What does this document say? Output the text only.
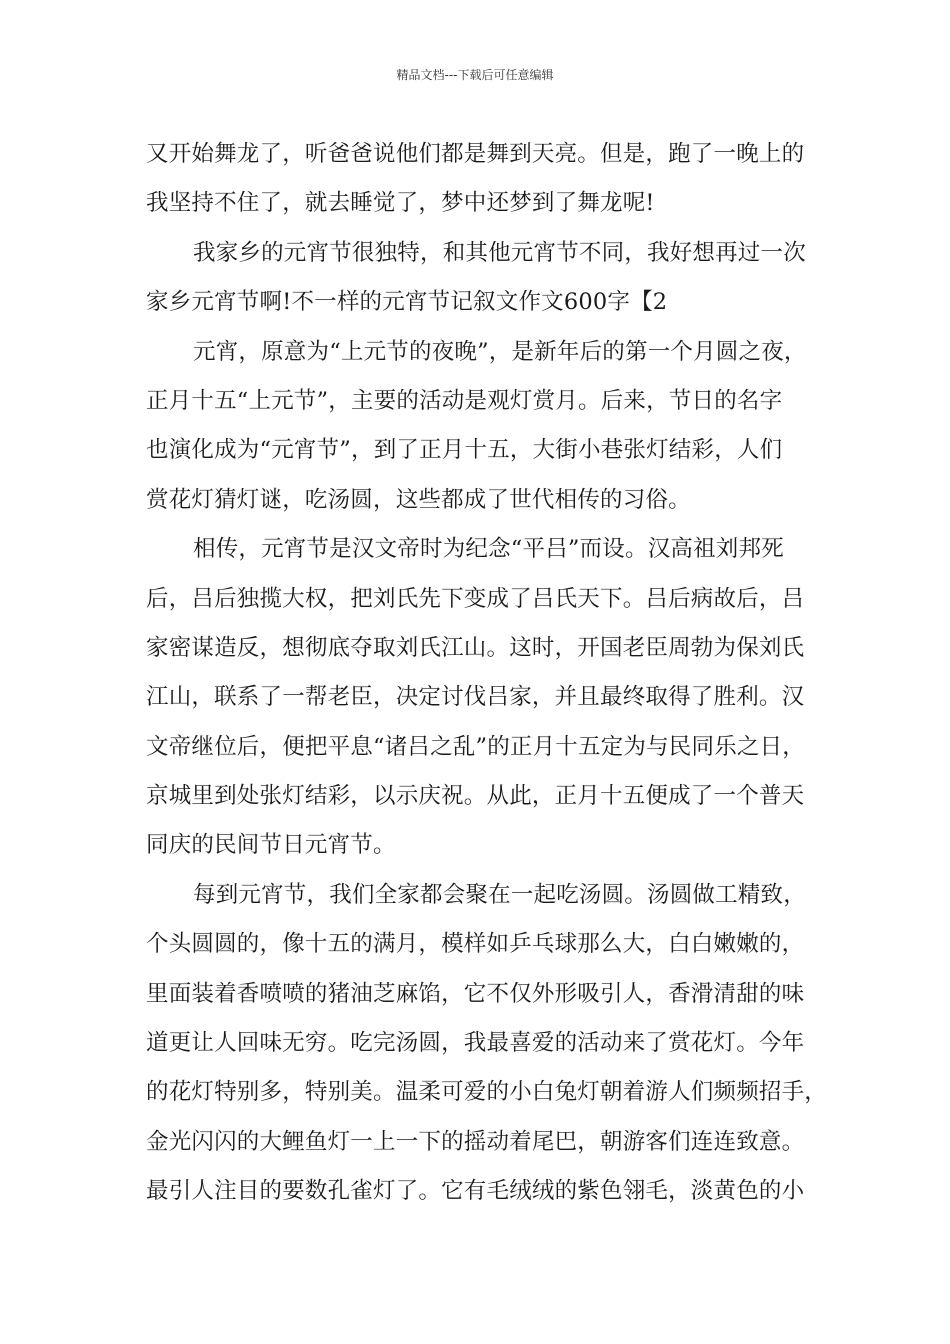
精品文档---下载后可任意编辑
又开始舞龙了，听爸爸说他们都是舞到天亮。但是，跑了一晚上的
我坚持不住了，就去睡觉了，梦中还梦到了舞龙呢!
我家乡的元宵节很独特，和其他元宵节不同，我好想再过一次
家乡元宵节啊!不一样的元宵节记叙文作文600字【2
元宵，原意为“上元节的夜晚”，是新年后的第一个月圆之夜，
正月十五“上元节”，主要的活动是观灯赏月。后来，节日的名字
也演化成为“元宵节”，到了正月十五，大街小巷张灯结彩，人们
赏花灯猜灯谜，吃汤圆，这些都成了世代相传的习俗。
相传，元宵节是汉文帝时为纪念“平吕”而设。汉高祖刘邦死
后，吕后独揽大权，把刘氏先下变成了吕氏天下。吕后病故后，吕
家密谋造反，想彻底夺取刘氏江山。这时，开国老臣周勃为保刘氏
江山，联系了一帮老臣，决定讨伐吕家，并且最终取得了胜利。汉
文帝继位后，便把平息“诸吕之乱”的正月十五定为与民同乐之日，
京城里到处张灯结彩，以示庆祝。从此，正月十五便成了一个普天
同庆的民间节日元宵节。
每到元宵节，我们全家都会聚在一起吃汤圆。汤圆做工精致，
个头圆圆的，像十五的满月，模样如乒乓球那么大，白白嫩嫩的，
里面装着香喷喷的猪油芝麻馅，它不仅外形吸引人，香滑清甜的味
道更让人回味无穷。吃完汤圆，我最喜爱的活动来了赏花灯。今年
的花灯特别多，特别美。温柔可爱的小白兔灯朝着游人们频频招手，
金光闪闪的大鲤鱼灯一上一下的摇动着尾巴，朝游客们连连致意。
最引人注目的要数孔雀灯了。它有毛绒绒的紫色翎毛，淡黄色的小
